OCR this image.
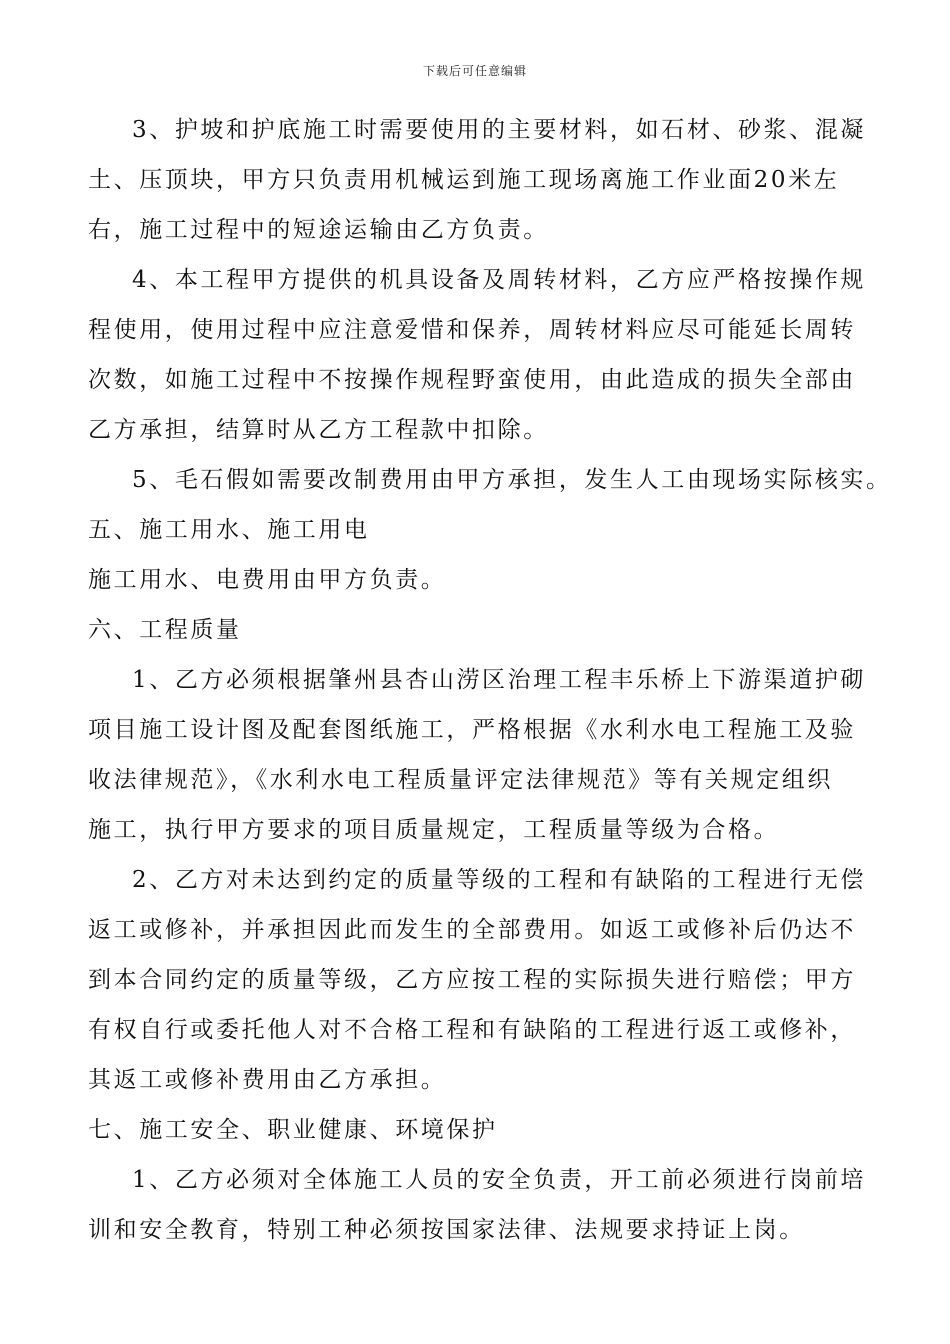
下载后可任意编辑
3、护坡和护底施工时需要使用的主要材料，如石材、砂浆、混凝
土、压顶块，甲方只负责用机械运到施工现场离施工作业面20米左
右，施工过程中的短途运输由乙方负责。
4、本工程甲方提供的机具设备及周转材料，乙方应严格按操作规
程使用，使用过程中应注意爱惜和保养，周转材料应尽可能延长周转
次数，如施工过程中不按操作规程野蛮使用，由此造成的损失全部由
乙方承担，结算时从乙方工程款中扣除。
5、毛石假如需要改制费用由甲方承担，发生人工由现场实际核实。
五、施工用水、施工用电
施工用水、电费用由甲方负责。
六、工程质量
1、乙方必须根据肇州县杏山涝区治理工程丰乐桥上下游渠道护砌
项目施工设计图及配套图纸施工，严格根据《水利水电工程施工及验
收法律规范》，《水利水电工程质量评定法律规范》等有关规定组织
施工，执行甲方要求的项目质量规定，工程质量等级为合格。
2、乙方对未达到约定的质量等级的工程和有缺陷的工程进行无偿
返工或修补，并承担因此而发生的全部费用。如返工或修补后仍达不
到本合同约定的质量等级，乙方应按工程的实际损失进行赔偿；甲方
有权自行或委托他人对不合格工程和有缺陷的工程进行返工或修补，
其返工或修补费用由乙方承担。
七、施工安全、职业健康、环境保护
1、乙方必须对全体施工人员的安全负责，开工前必须进行岗前培
训和安全教育，特别工种必须按国家法律、法规要求持证上岗。
